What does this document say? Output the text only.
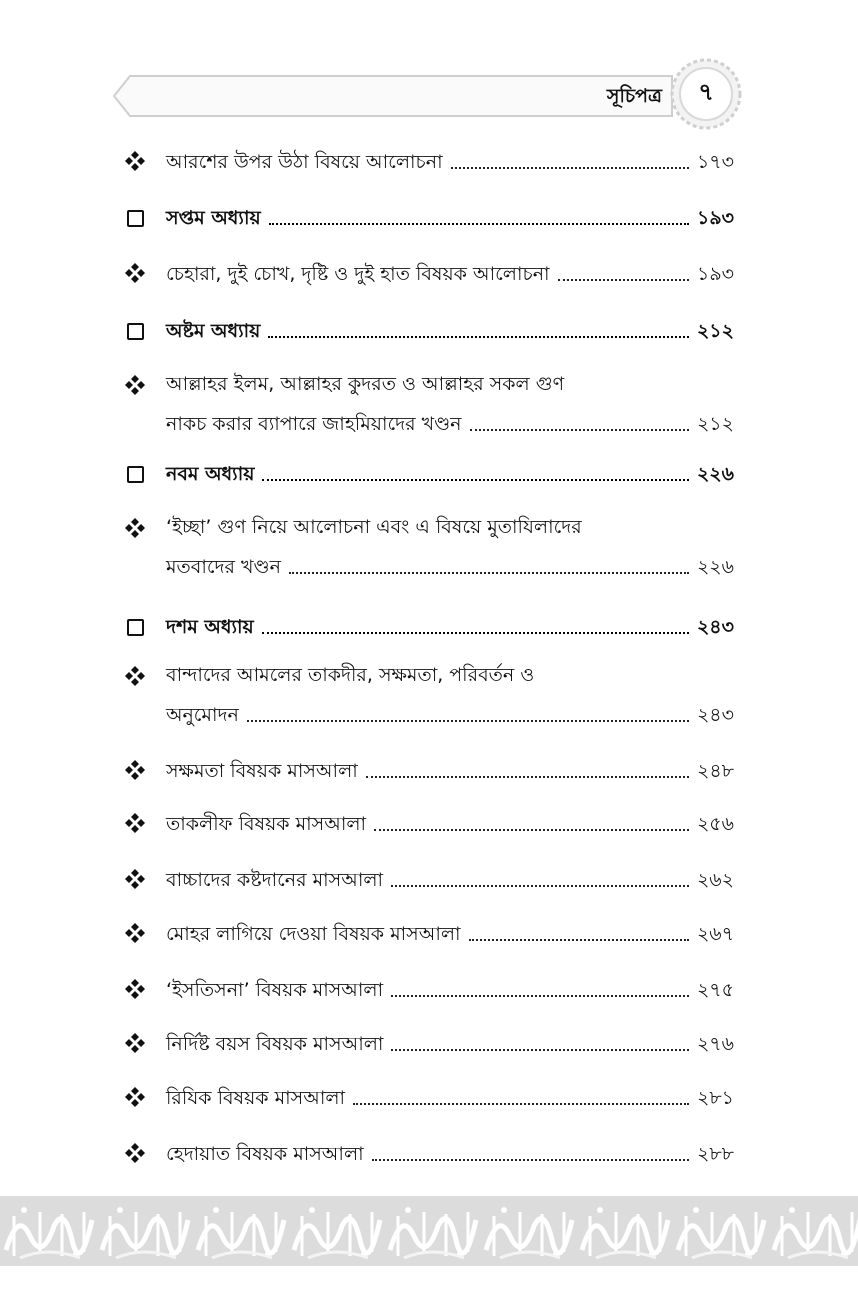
সূচিপত্র	৭
আরশের উপর উঠা বিষয়ে আলোচনা	১৭৩
সপ্তম অধ্যায়	১৯৩
চেহারা, দুই চোখ, দৃষ্টি ও দুই হাত বিষয়ক আলোচনা	১৯৩
অষ্টম অধ্যায়	২১২
আল্লাহর ইলম, আল্লাহর কুদরত ও আল্লাহর সকল গুণ
নাকচ করার ব্যাপারে জাহমিয়াদের খণ্ডন	২১২
নবম অধ্যায়	২২৬
‘ইচ্ছা’ গুণ নিয়ে আলোচনা এবং এ বিষয়ে মুতাযিলাদের
মতবাদের খণ্ডন	২২৬
দশম অধ্যায়	২৪৩
বান্দাদের আমলের তাকদীর, সক্ষমতা, পরিবর্তন ও
অনুমোদন	২৪৩
সক্ষমতা বিষয়ক মাসআলা	২৪৮
তাকলীফ বিষয়ক মাসআলা	২৫৬
বাচ্চাদের কষ্টদানের মাসআলা	২৬২
মোহর লাগিয়ে দেওয়া বিষয়ক মাসআলা	২৬৭
‘ইসতিসনা’ বিষয়ক মাসআলা	২৭৫
নির্দিষ্ট বয়স বিষয়ক মাসআলা	২৭৬
রিযিক বিষয়ক মাসআলা	২৮১
হেদায়াত বিষয়ক মাসআলা	২৮৮
